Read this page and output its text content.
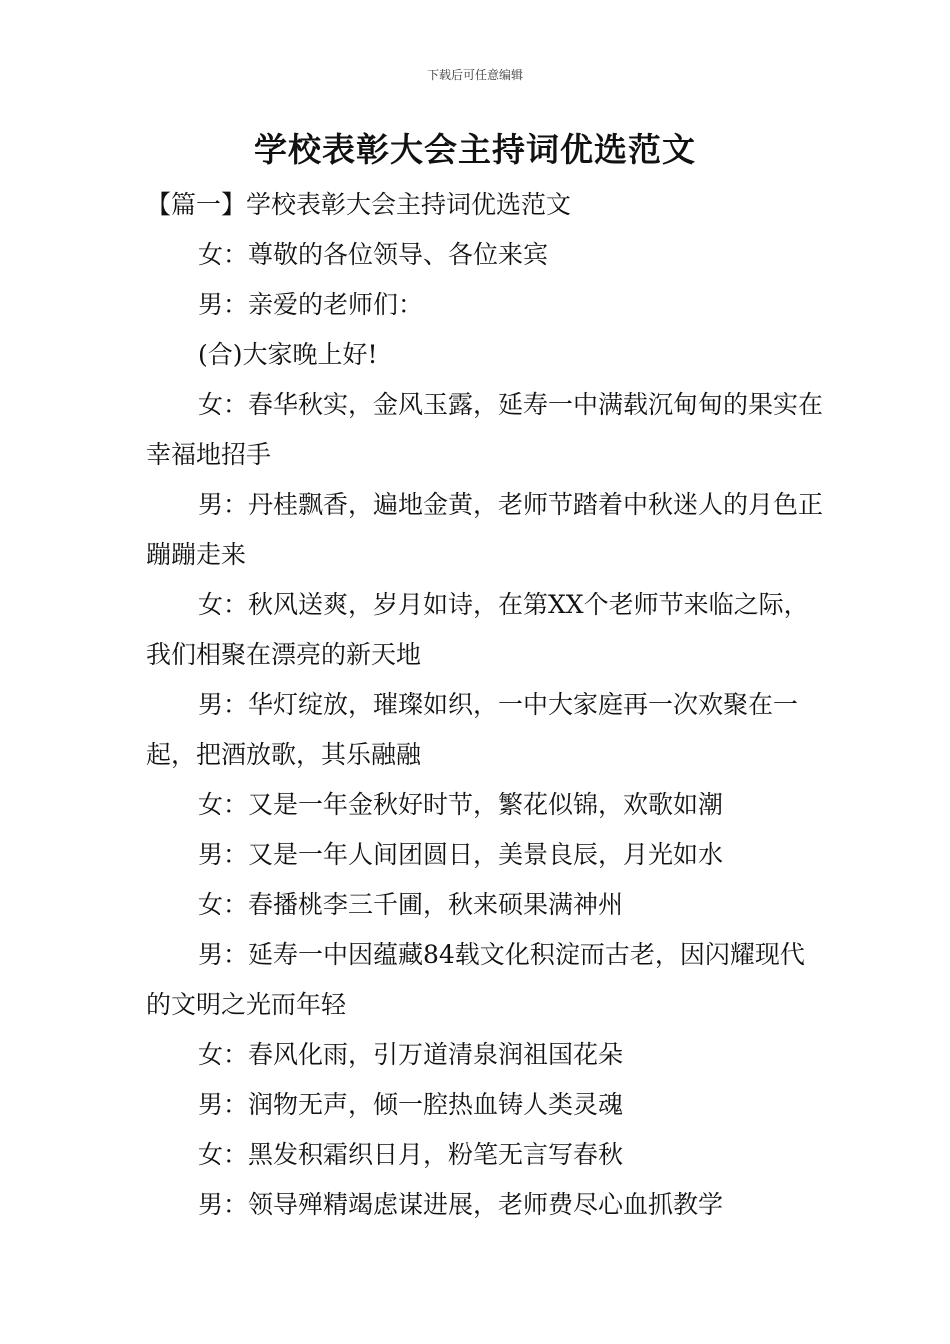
下载后可任意编辑
学校表彰大会主持词优选范文

【篇一】学校表彰大会主持词优选范文

女：尊敬的各位领导、各位来宾

男：亲爱的老师们：

(合)大家晚上好!

女：春华秋实，金风玉露，延寿一中满载沉甸甸的果实在幸福地招手

男：丹桂飘香，遍地金黄，老师节踏着中秋迷人的月色正蹦蹦走来

女：秋风送爽，岁月如诗，在第XX个老师节来临之际，我们相聚在漂亮的新天地

男：华灯绽放，璀璨如织，一中大家庭再一次欢聚在一起，把酒放歌，其乐融融

女：又是一年金秋好时节，繁花似锦，欢歌如潮

男：又是一年人间团圆日，美景良辰，月光如水

女：春播桃李三千圃，秋来硕果满神州

男：延寿一中因蕴藏84载文化积淀而古老，因闪耀现代的文明之光而年轻

女：春风化雨，引万道清泉润祖国花朵

男：润物无声，倾一腔热血铸人类灵魂

女：黑发积霜织日月，粉笔无言写春秋

男：领导殚精竭虑谋进展，老师费尽心血抓教学
